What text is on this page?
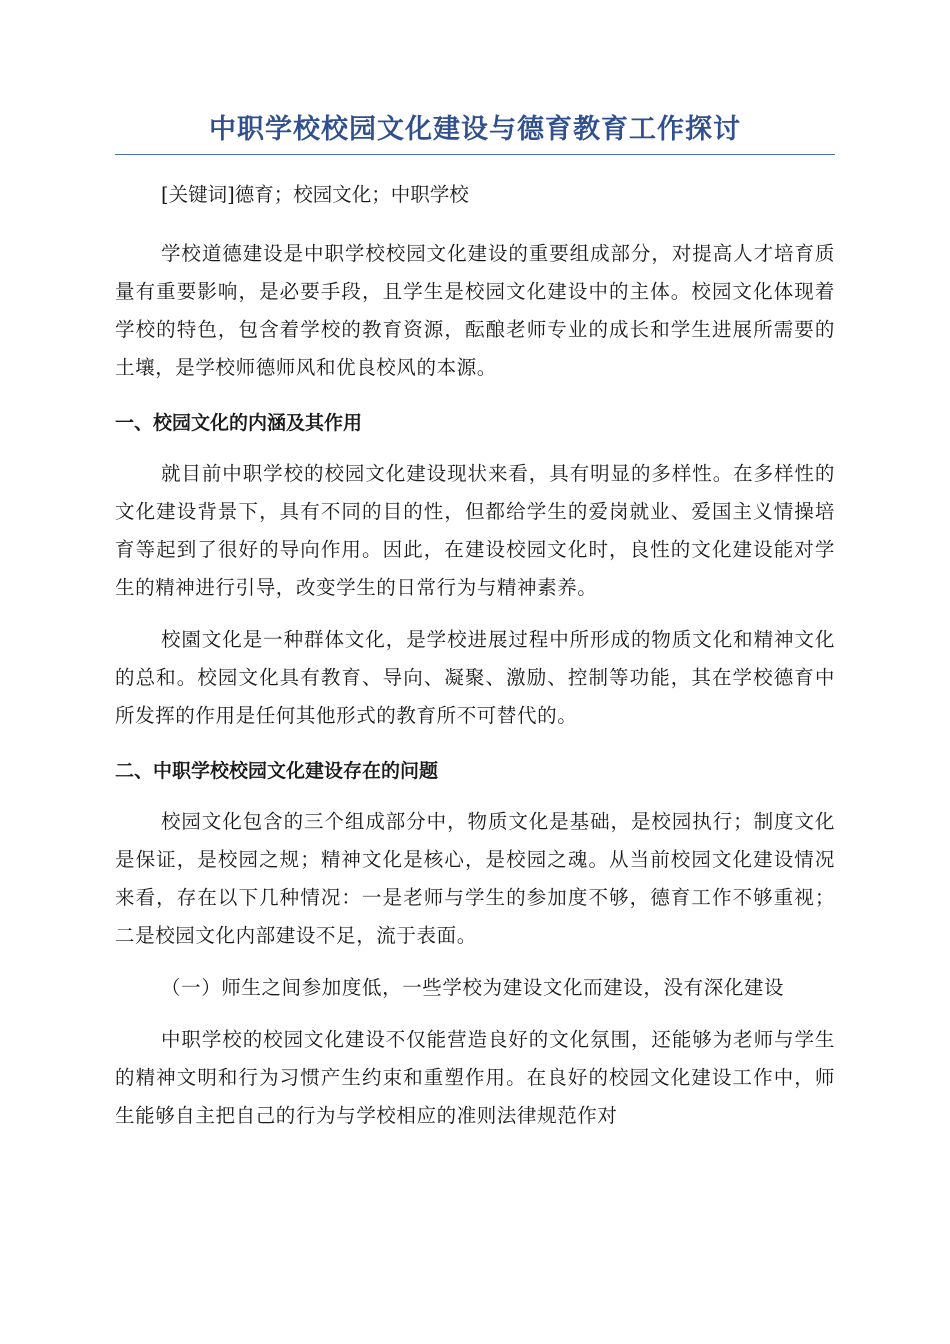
中职学校校园文化建设与德育教育工作探讨

[关键词]德育；校园文化；中职学校

学校道德建设是中职学校校园文化建设的重要组成部分，对提高人才培育质量有重要影响，是必要手段，且学生是校园文化建设中的主体。校园文化体现着学校的特色，包含着学校的教育资源，酝酿老师专业的成长和学生进展所需要的土壤，是学校师德师风和优良校风的本源。

一、校园文化的内涵及其作用

就目前中职学校的校园文化建设现状来看，具有明显的多样性。在多样性的文化建设背景下，具有不同的目的性，但都给学生的爱岗就业、爱国主义情操培育等起到了很好的导向作用。因此，在建设校园文化时，良性的文化建设能对学生的精神进行引导，改变学生的日常行为与精神素养。

校園文化是一种群体文化，是学校进展过程中所形成的物质文化和精神文化的总和。校园文化具有教育、导向、凝聚、激励、控制等功能，其在学校德育中所发挥的作用是任何其他形式的教育所不可替代的。

二、中职学校校园文化建设存在的问题

校园文化包含的三个组成部分中，物质文化是基础，是校园执行；制度文化是保证，是校园之规；精神文化是核心，是校园之魂。从当前校园文化建设情况来看，存在以下几种情况：一是老师与学生的参加度不够，德育工作不够重视；二是校园文化内部建设不足，流于表面。

（一）师生之间参加度低，一些学校为建设文化而建设，没有深化建设

中职学校的校园文化建设不仅能营造良好的文化氛围，还能够为老师与学生的精神文明和行为习惯产生约束和重塑作用。在良好的校园文化建设工作中，师生能够自主把自己的行为与学校相应的准则法律规范作对
